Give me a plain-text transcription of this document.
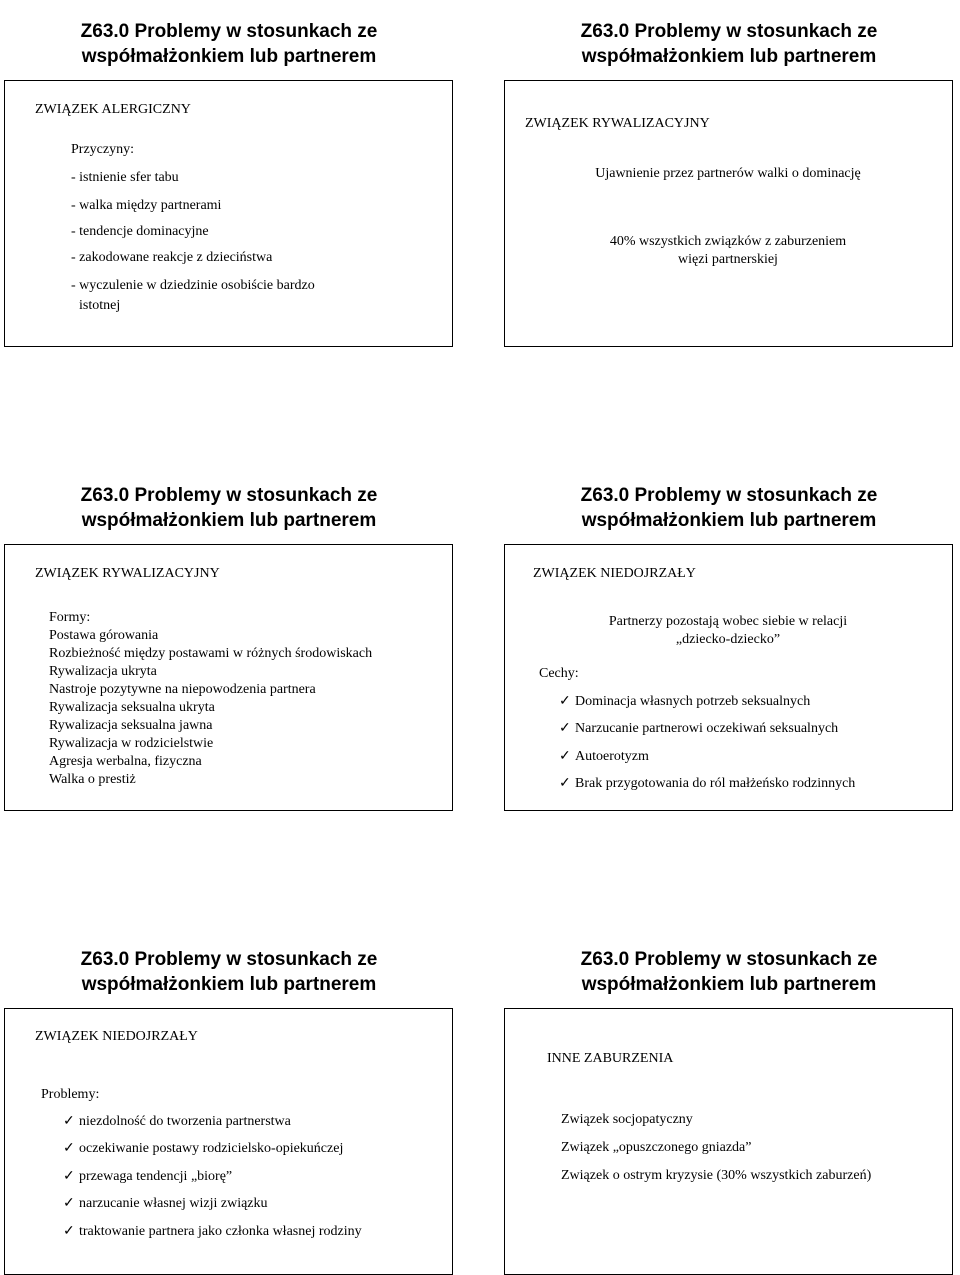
Z63.0 Problemy w stosunkach ze
współmałżonkiem lub partnerem
ZWIĄZEK ALERGICZNY
Przyczyny:
- istnienie sfer tabu
- walka między partnerami
- tendencje dominacyjne
- zakodowane reakcje z dzieciństwa
- wyczulenie w dziedzinie osobiście bardzo
istotnej
Z63.0 Problemy w stosunkach ze
współmałżonkiem lub partnerem
ZWIĄZEK RYWALIZACYJNY
Ujawnienie przez partnerów walki o dominację
40% wszystkich związków z zaburzeniem
więzi partnerskiej
Z63.0 Problemy w stosunkach ze
współmałżonkiem lub partnerem
ZWIĄZEK RYWALIZACYJNY
Formy:
Postawa górowania
Rozbieżność między postawami w różnych środowiskach
Rywalizacja ukryta
Nastroje pozytywne na niepowodzenia partnera
Rywalizacja seksualna ukryta
Rywalizacja seksualna jawna
Rywalizacja w rodzicielstwie
Agresja werbalna, fizyczna
Walka o prestiż
Z63.0 Problemy w stosunkach ze
współmałżonkiem lub partnerem
ZWIĄZEK NIEDOJRZAŁY
Partnerzy pozostają wobec siebie w relacji
„dziecko-dziecko”
Cechy:
✓ Dominacja własnych potrzeb seksualnych
✓ Narzucanie partnerowi oczekiwań seksualnych
✓ Autoerotyzm
✓ Brak przygotowania do ról małżeńsko rodzinnych
Z63.0 Problemy w stosunkach ze
współmałżonkiem lub partnerem
ZWIĄZEK NIEDOJRZAŁY
Problemy:
✓ niezdolność do tworzenia partnerstwa
✓ oczekiwanie postawy rodzicielsko-opiekuńczej
✓ przewaga tendencji „biorę”
✓ narzucanie własnej wizji związku
✓ traktowanie partnera jako członka własnej rodziny
Z63.0 Problemy w stosunkach ze
współmałżonkiem lub partnerem
INNE ZABURZENIA
Związek socjopatyczny
Związek „opuszczonego gniazda”
Związek o ostrym kryzysie (30% wszystkich zaburzeń)
